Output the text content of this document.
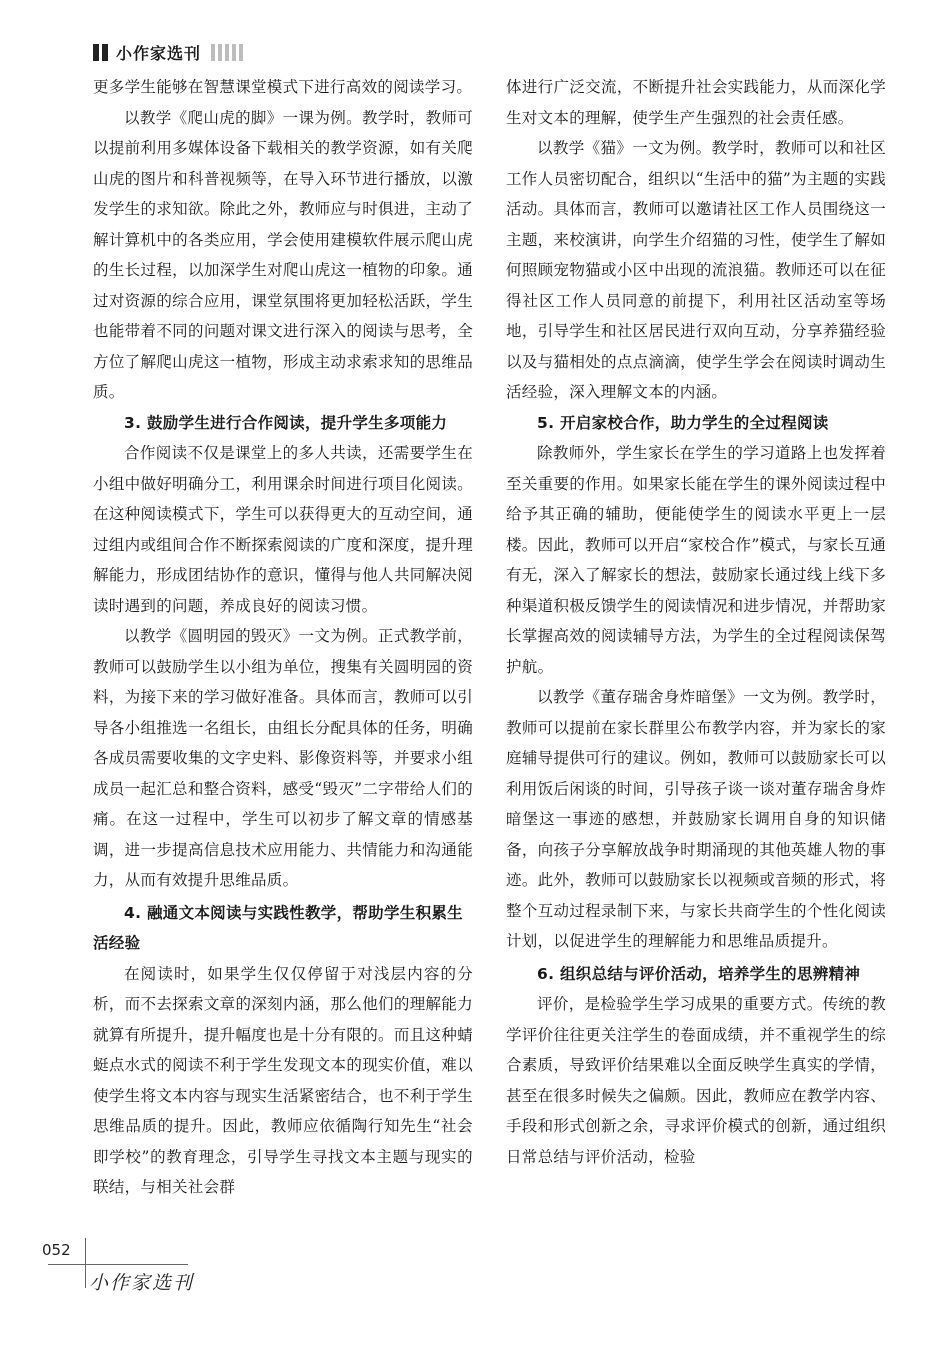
小作家选刊

更多学生能够在智慧课堂模式下进行高效的阅读学习。

以教学《爬山虎的脚》一课为例。教学时，教师可以提前利用多媒体设备下载相关的教学资源，如有关爬山虎的图片和科普视频等，在导入环节进行播放，以激发学生的求知欲。除此之外，教师应与时俱进，主动了解计算机中的各类应用，学会使用建模软件展示爬山虎的生长过程，以加深学生对爬山虎这一植物的印象。通过对资源的综合应用，课堂氛围将更加轻松活跃，学生也能带着不同的问题对课文进行深入的阅读与思考，全方位了解爬山虎这一植物，形成主动求索求知的思维品质。

3. 鼓励学生进行合作阅读，提升学生多项能力

合作阅读不仅是课堂上的多人共读，还需要学生在小组中做好明确分工，利用课余时间进行项目化阅读。在这种阅读模式下，学生可以获得更大的互动空间，通过组内或组间合作不断探索阅读的广度和深度，提升理解能力，形成团结协作的意识，懂得与他人共同解决阅读时遇到的问题，养成良好的阅读习惯。

以教学《圆明园的毁灭》一文为例。正式教学前，教师可以鼓励学生以小组为单位，搜集有关圆明园的资料，为接下来的学习做好准备。具体而言，教师可以引导各小组推选一名组长，由组长分配具体的任务，明确各成员需要收集的文字史料、影像资料等，并要求小组成员一起汇总和整合资料，感受“毁灭”二字带给人们的痛。在这一过程中，学生可以初步了解文章的情感基调，进一步提高信息技术应用能力、共情能力和沟通能力，从而有效提升思维品质。

4. 融通文本阅读与实践性教学，帮助学生积累生活经验

在阅读时，如果学生仅仅停留于对浅层内容的分析，而不去探索文章的深刻内涵，那么他们的理解能力就算有所提升，提升幅度也是十分有限的。而且这种蜻蜓点水式的阅读不利于学生发现文本的现实价值，难以使学生将文本内容与现实生活紧密结合，也不利于学生思维品质的提升。因此，教师应依循陶行知先生“社会即学校”的教育理念，引导学生寻找文本主题与现实的联结，与相关社会群

体进行广泛交流，不断提升社会实践能力，从而深化学生对文本的理解，使学生产生强烈的社会责任感。

以教学《猫》一文为例。教学时，教师可以和社区工作人员密切配合，组织以“生活中的猫”为主题的实践活动。具体而言，教师可以邀请社区工作人员围绕这一主题，来校演讲，向学生介绍猫的习性，使学生了解如何照顾宠物猫或小区中出现的流浪猫。教师还可以在征得社区工作人员同意的前提下，利用社区活动室等场地，引导学生和社区居民进行双向互动，分享养猫经验以及与猫相处的点点滴滴，使学生学会在阅读时调动生活经验，深入理解文本的内涵。

5. 开启家校合作，助力学生的全过程阅读

除教师外，学生家长在学生的学习道路上也发挥着至关重要的作用。如果家长能在学生的课外阅读过程中给予其正确的辅助，便能使学生的阅读水平更上一层楼。因此，教师可以开启“家校合作”模式，与家长互通有无，深入了解家长的想法，鼓励家长通过线上线下多种渠道积极反馈学生的阅读情况和进步情况，并帮助家长掌握高效的阅读辅导方法，为学生的全过程阅读保驾护航。

以教学《董存瑞舍身炸暗堡》一文为例。教学时，教师可以提前在家长群里公布教学内容，并为家长的家庭辅导提供可行的建议。例如，教师可以鼓励家长可以利用饭后闲谈的时间，引导孩子谈一谈对董存瑞舍身炸暗堡这一事迹的感想，并鼓励家长调用自身的知识储备，向孩子分享解放战争时期涌现的其他英雄人物的事迹。此外，教师可以鼓励家长以视频或音频的形式，将整个互动过程录制下来，与家长共商学生的个性化阅读计划，以促进学生的理解能力和思维品质提升。

6. 组织总结与评价活动，培养学生的思辨精神

评价，是检验学生学习成果的重要方式。传统的教学评价往往更关注学生的卷面成绩，并不重视学生的综合素质，导致评价结果难以全面反映学生真实的学情，甚至在很多时候失之偏颇。因此，教师应在教学内容、手段和形式创新之余，寻求评价模式的创新，通过组织日常总结与评价活动，检验

052
小作家选刊
